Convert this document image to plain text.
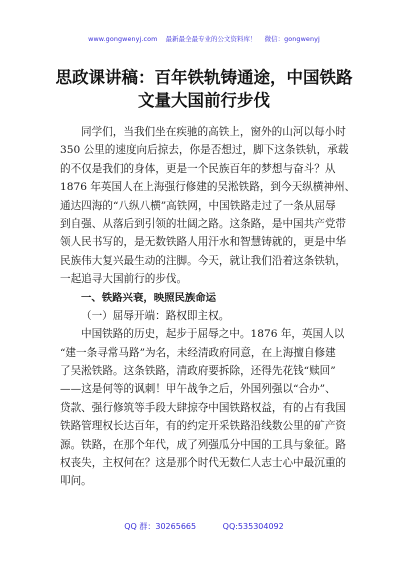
www.gongwenyj.com 最新最全最专业的公文资料库！ 微信：gongwenyj
思政课讲稿：百年铁轨铸通途，中国铁路
文量大国前行步伐
同学们，当我们坐在疾驰的高铁上，窗外的山河以每小时
350 公里的速度向后掠去，你是否想过，脚下这条铁轨，承载
的不仅是我们的身体，更是一个民族百年的梦想与奋斗？从
1876 年英国人在上海强行修建的吴淞铁路，到今天纵横神州、
通达四海的“八纵八横”高铁网，中国铁路走过了一条从屈辱
到自强、从落后到引领的壮阔之路。这条路，是中国共产党带
领人民书写的，是无数铁路人用汗水和智慧铸就的，更是中华
民族伟大复兴最生动的注脚。今天，就让我们沿着这条铁轨，
一起追寻大国前行的步伐。
一、铁路兴衰，映照民族命运
（一）屈辱开端：路权即主权。
中国铁路的历史，起步于屈辱之中。1876 年，英国人以
“建一条寻常马路”为名，未经清政府同意，在上海擅自修建
了吴淞铁路。这条铁路，清政府要拆除，还得先花钱“赎回”
——这是何等的讽刺！甲午战争之后，外国列强以“合办”、
贷款、强行修筑等手段大肆掠夺中国铁路权益，有的占有我国
铁路管理权长达百年，有的约定开采铁路沿线数公里的矿产资
源。铁路，在那个年代，成了列强瓜分中国的工具与象征。路
权丧失，主权何在？这是那个时代无数仁人志士心中最沉重的
叩问。
QQ 群：30265665	QQ:535304092
